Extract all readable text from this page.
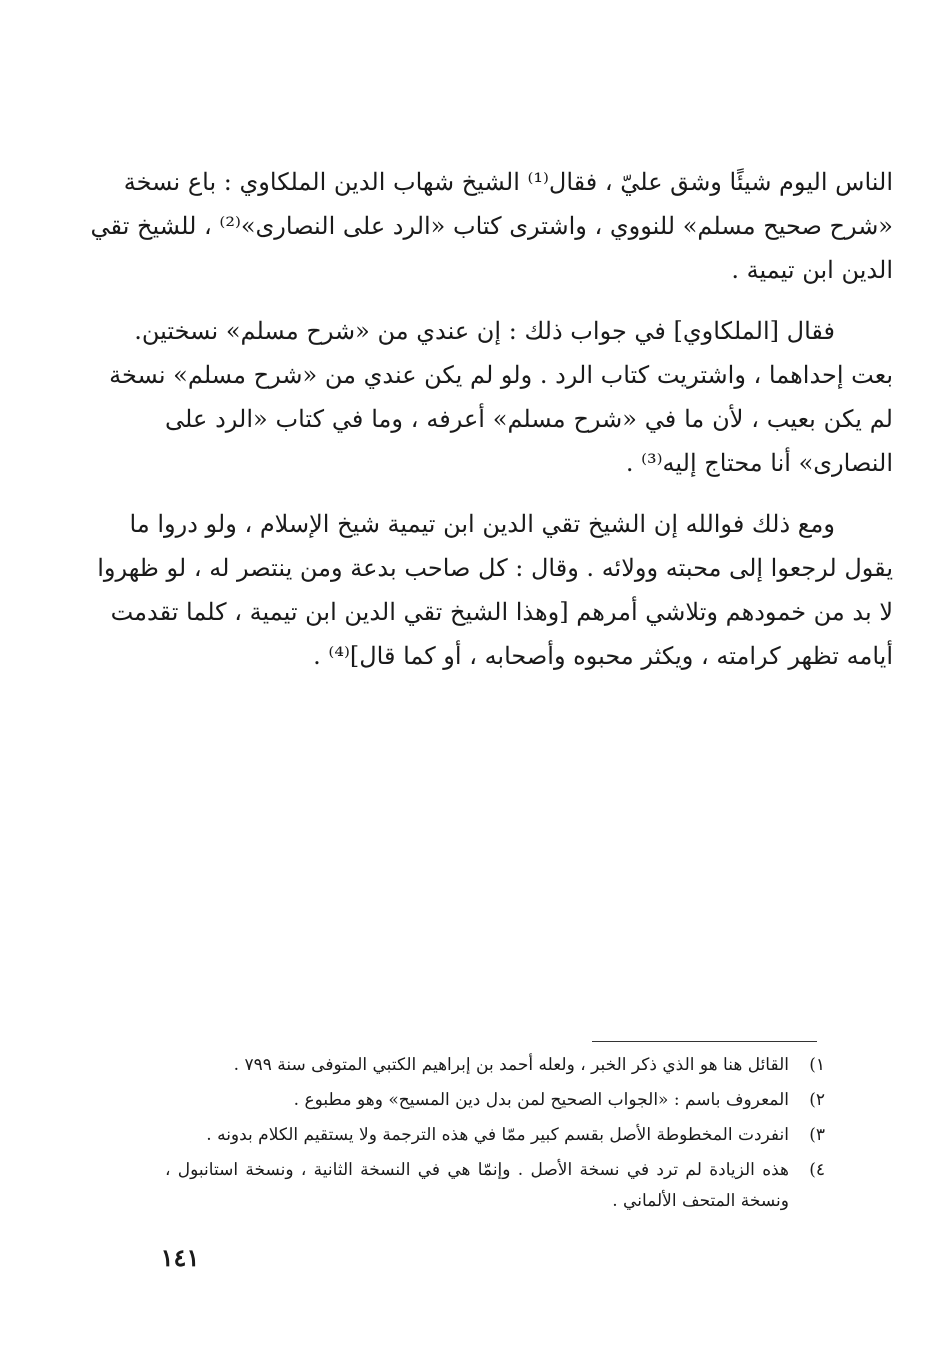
الناس اليوم شيئًا وشق عليّ ، فقال⁽¹⁾ الشيخ شهاب الدين الملكاوي : باع نسخة
«شرح صحيح مسلم» للنووي ، واشترى كتاب «الرد على النصارى»⁽²⁾ ، للشيخ تقي
الدين ابن تيمية .

فقال [الملكاوي] في جواب ذلك : إن عندي من «شرح مسلم» نسختين.
بعت إحداهما ، واشتريت كتاب الرد . ولو لم يكن عندي من «شرح مسلم» نسخة
لم يكن بعيب ، لأن ما في «شرح مسلم» أعرفه ، وما في كتاب «الرد على
النصارى» أنا محتاج إليه⁽³⁾ .

ومع ذلك فوالله إن الشيخ تقي الدين ابن تيمية شيخ الإسلام ، ولو دروا ما
يقول لرجعوا إلى محبته وولائه . وقال : كل صاحب بدعة ومن ينتصر له ، لو ظهروا
لا بد من خمودهم وتلاشي أمرهم [وهذا الشيخ تقي الدين ابن تيمية ، كلما تقدمت
أيامه تظهر كرامته ، ويكثر محبوه وأصحابه ، أو كما قال]⁽⁴⁾ .

١)
القائل هنا هو الذي ذكر الخبر ، ولعله أحمد بن إبراهيم الكتبي المتوفى سنة ٧٩٩ .
٢)
المعروف باسم : «الجواب الصحيح لمن بدل دين المسيح» وهو مطبوع .
٣)
انفردت المخطوطة الأصل بقسم كبير ممّا في هذه الترجمة ولا يستقيم الكلام بدونه .
٤)
هذه الزيادة لم ترد في نسخة الأصل . وإنمّا هي في النسخة الثانية ، ونسخة استانبول ، ونسخة المتحف الألماني .
١٤١
